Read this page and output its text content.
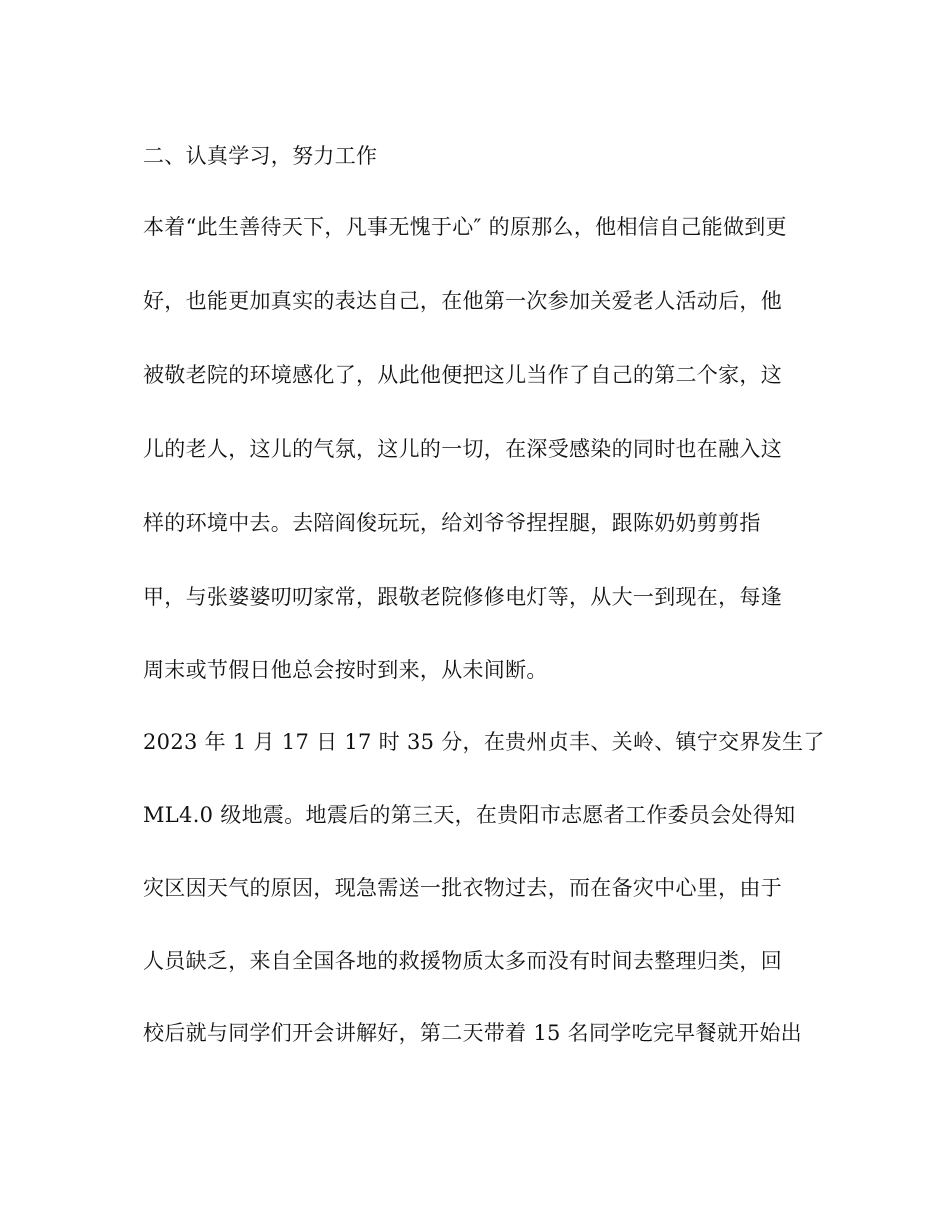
二、认真学习，努力工作
本着“此生善待天下，凡事无愧于心″ 的原那么，他相信自己能做到更
好，也能更加真实的表达自己，在他第一次参加关爱老人活动后，他
被敬老院的环境感化了，从此他便把这儿当作了自己的第二个家，这
儿的老人，这儿的气氛，这儿的一切，在深受感染的同时也在融入这
样的环境中去。去陪阎俊玩玩，给刘爷爷捏捏腿，跟陈奶奶剪剪指
甲，与张婆婆叨叨家常，跟敬老院修修电灯等，从大一到现在，每逢
周末或节假日他总会按时到来，从未间断。
2023 年 1 月 17 日 17 时 35 分，在贵州贞丰、关岭、镇宁交界发生了
ML4.0 级地震。地震后的第三天，在贵阳市志愿者工作委员会处得知
灾区因天气的原因，现急需送一批衣物过去，而在备灾中心里，由于
人员缺乏，来自全国各地的救援物质太多而没有时间去整理归类，回
校后就与同学们开会讲解好，第二天带着 15 名同学吃完早餐就开始出
